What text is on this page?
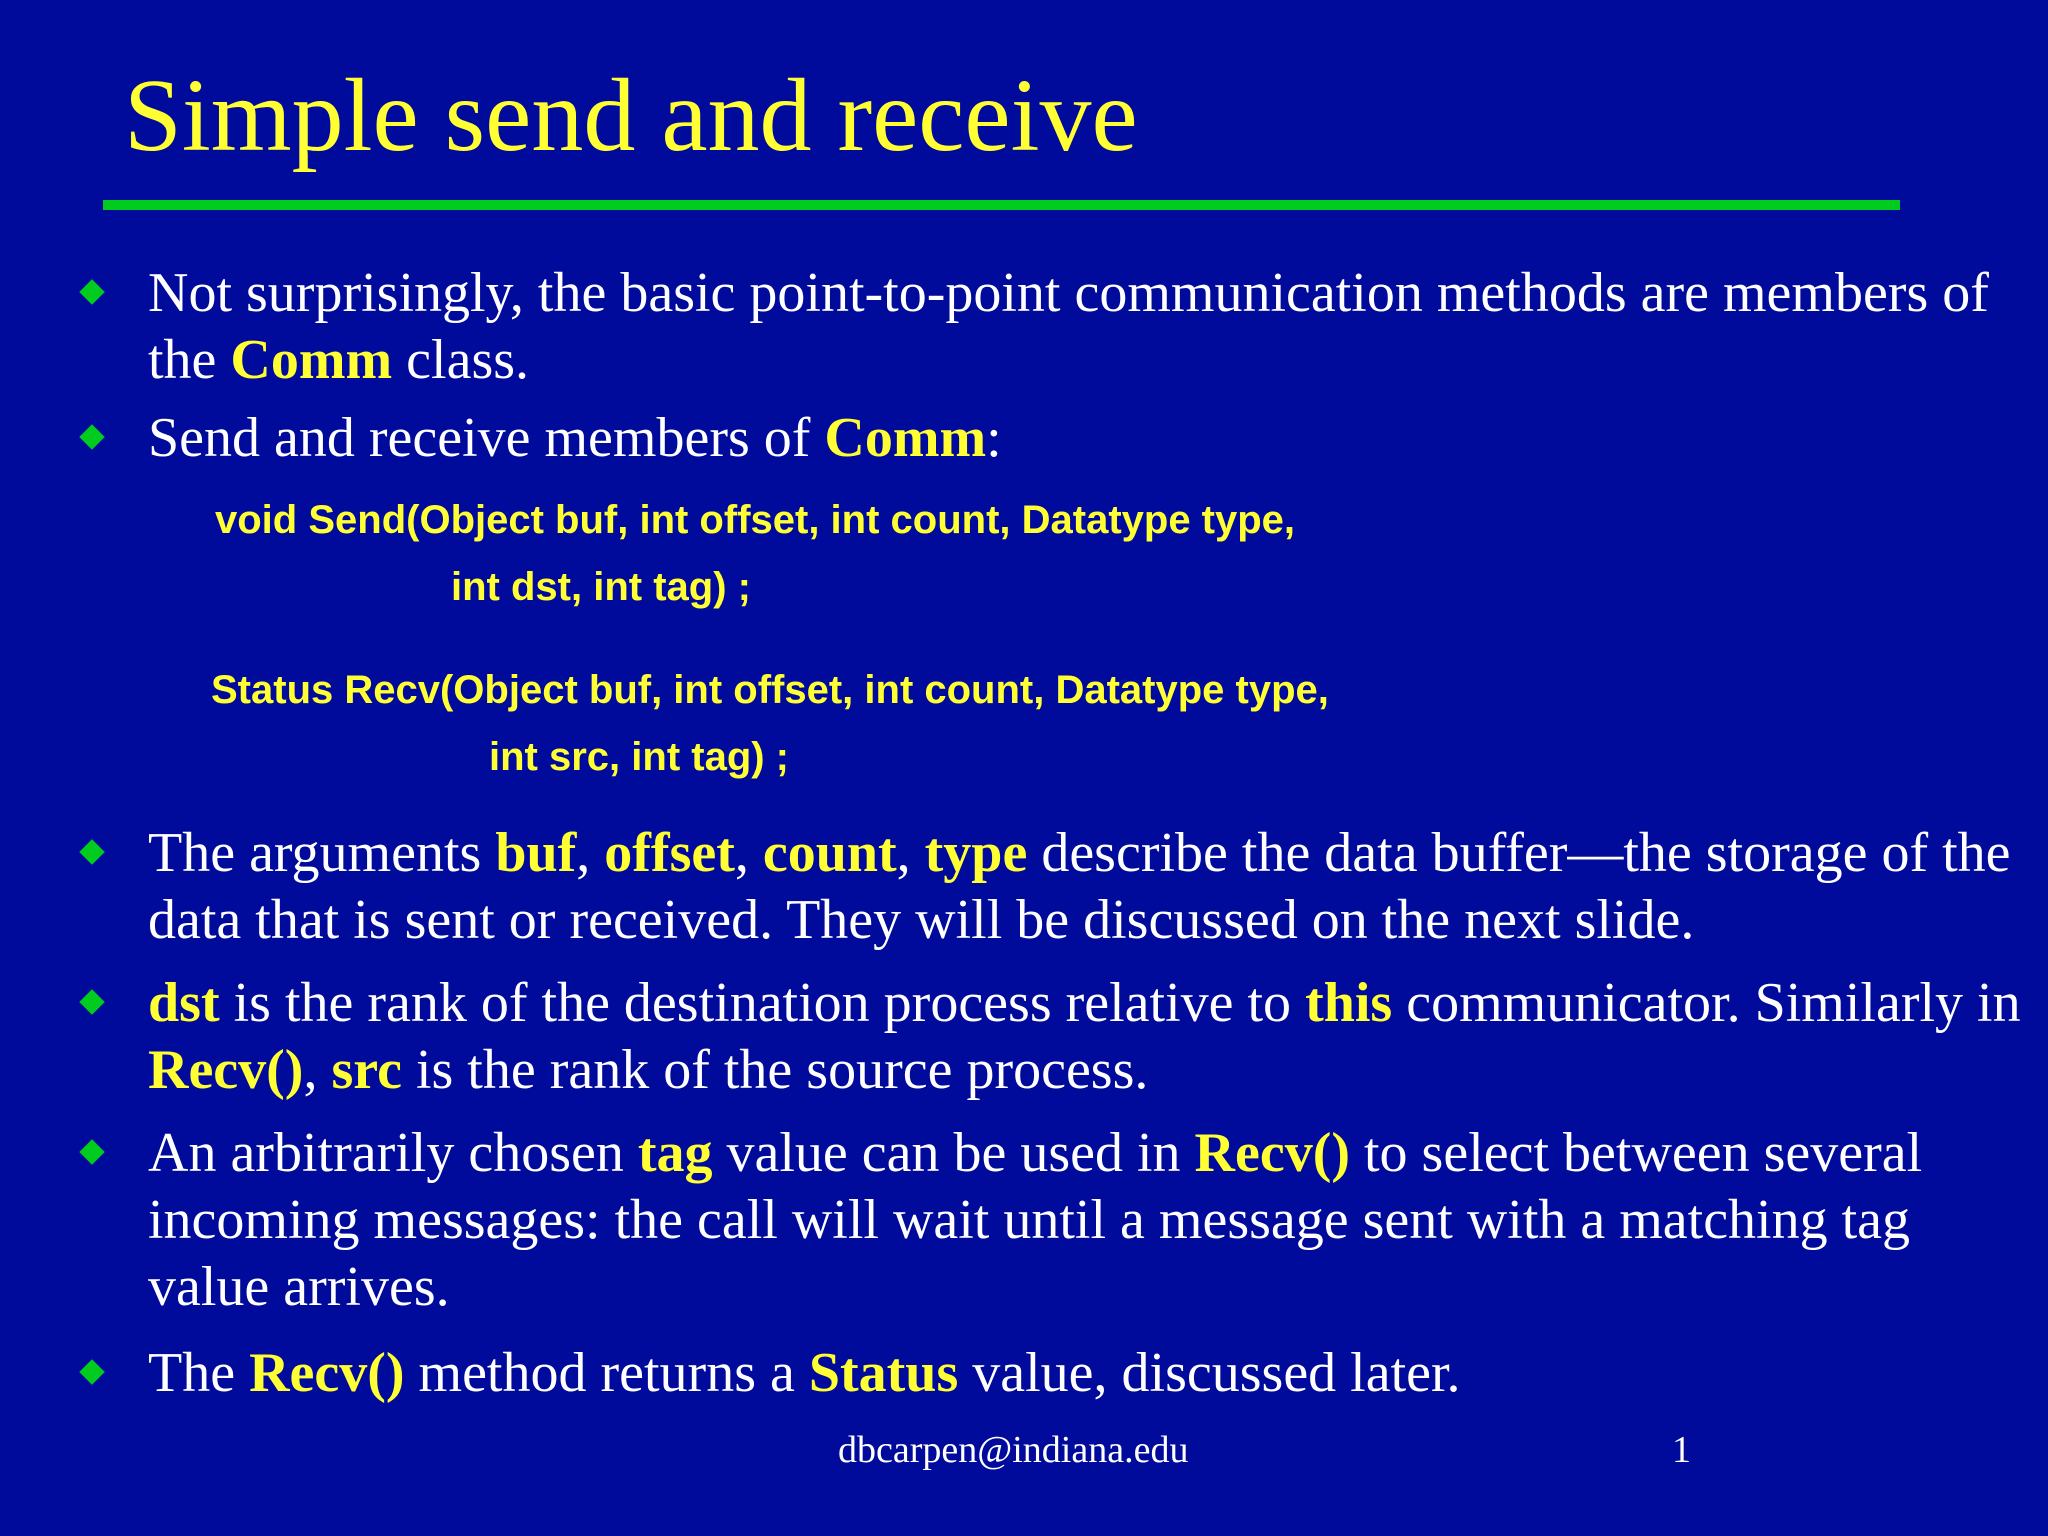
Simple send and receive
Not surprisingly, the basic point-to-point communication methods are members of the Comm class.
Send and receive members of Comm:
void Send(Object buf, int offset, int count, Datatype type,
int dst, int tag) ;
Status Recv(Object buf, int offset, int count, Datatype type,
int src, int tag) ;
The arguments buf, offset, count, type describe the data buffer—the storage of the data that is sent or received. They will be discussed on the next slide.
dst is the rank of the destination process relative to this communicator. Similarly in Recv(), src is the rank of the source process.
An arbitrarily chosen tag value can be used in Recv() to select between several incoming messages: the call will wait until a message sent with a matching tag value arrives.
The Recv() method returns a Status value, discussed later.
dbcarpen@indiana.edu	1
